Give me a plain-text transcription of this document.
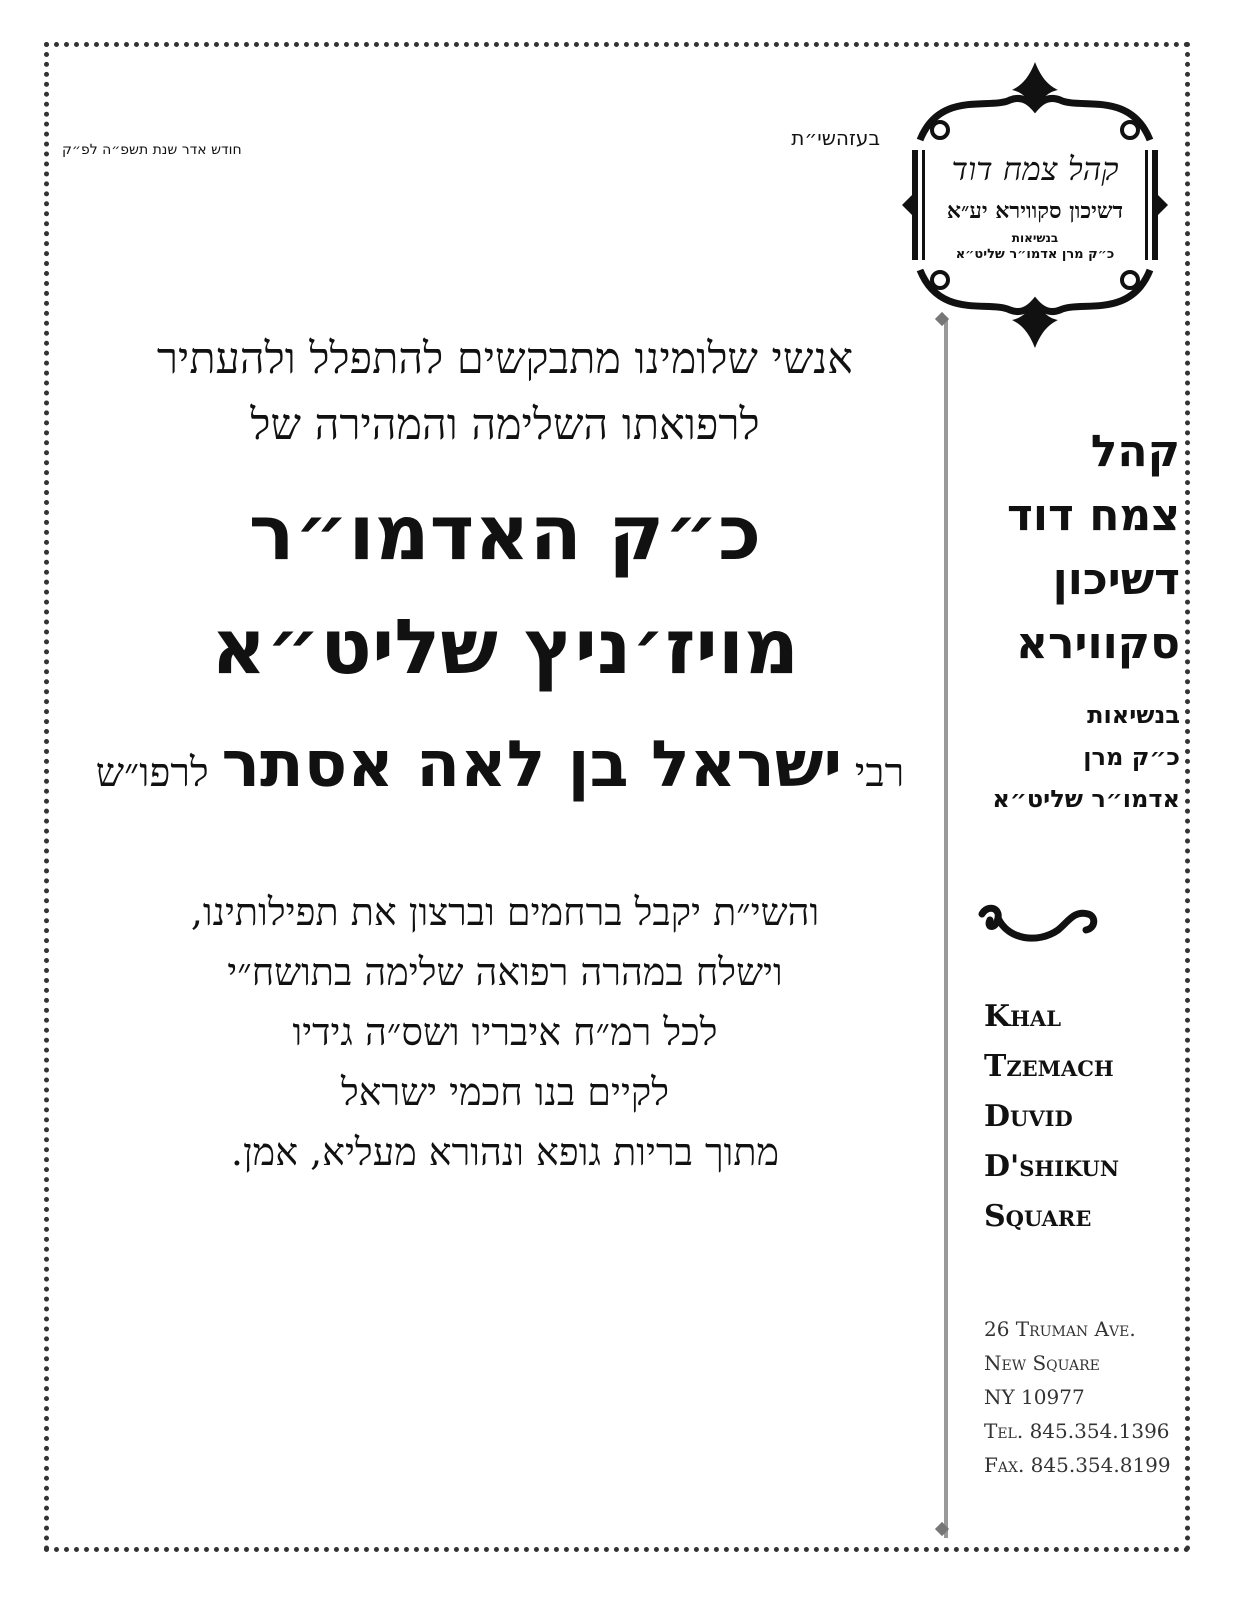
חודש אדר שנת תשפ״ה לפ״ק	בעזהשי״ת
קהל צמח דוד
דשיכון סקווירא יע״א
בנשיאות
כ״ק מרן אדמו״ר שליט״א
אנשי שלומינו מתבקשים להתפלל ולהעתיר
לרפואתו השלימה והמהירה של
כ״ק האדמו״ר
מויז׳ניץ שליט״א
רבי ישראל בן לאה אסתר לרפו״ש
והשי״ת יקבל ברחמים וברצון את תפילותינו,
וישלח במהרה רפואה שלימה בתושח״י
לכל רמ״ח איבריו ושס״ה גידיו
לקיים בנו חכמי ישראל
מתוך בריות גופא ונהורא מעליא, אמן.
קהל
צמח דוד
דשיכון
סקווירא
בנשיאות
כ״ק מרן
אדמו״ר שליט״א
Khal
Tzemach
Duvid
D'shikun
Square
26 Truman Ave.
New Square
NY 10977
Tel. 845.354.1396
Fax. 845.354.8199
